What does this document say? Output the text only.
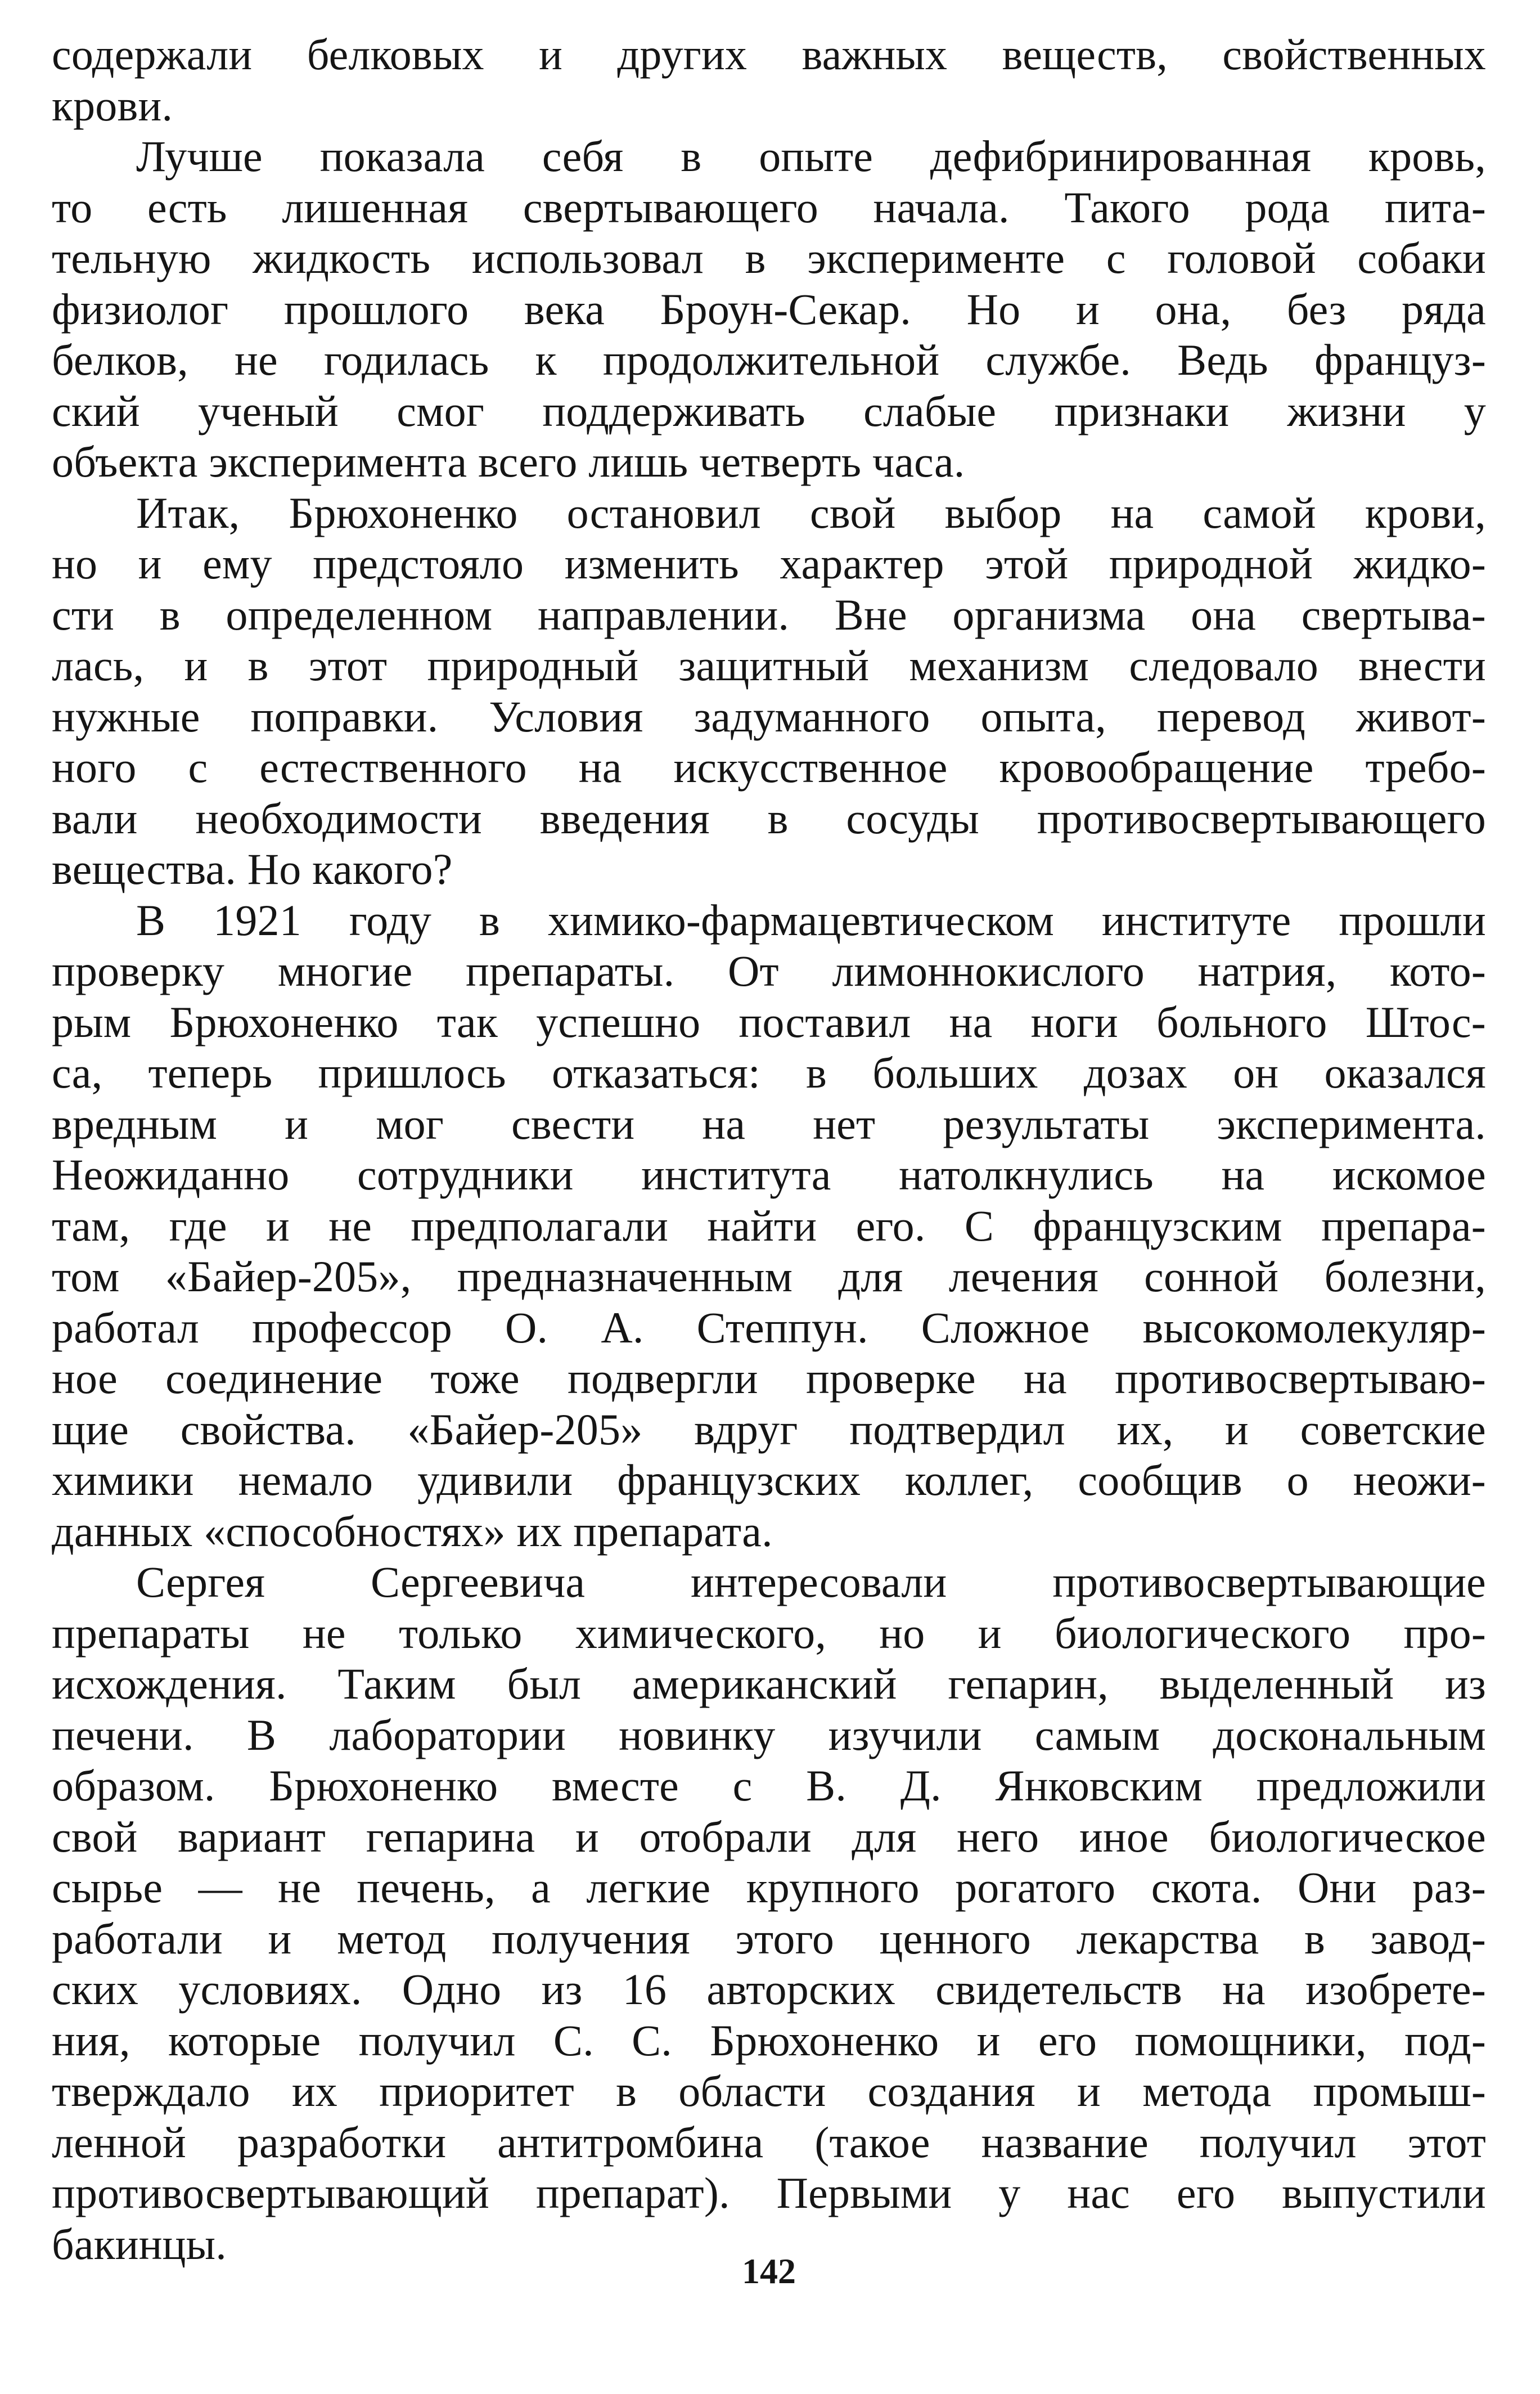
содержали белковых и других важных веществ, свойственных
крови.
Лучше показала себя в опыте дефибринированная кровь,
то есть лишенная свертывающего начала. Такого рода пита-
тельную жидкость использовал в эксперименте с головой собаки
физиолог прошлого века Броун-Секар. Но и она, без ряда
белков, не годилась к продолжительной службе. Ведь француз-
ский ученый смог поддерживать слабые признаки жизни у
объекта эксперимента всего лишь четверть часа.
Итак, Брюхоненко остановил свой выбор на самой крови,
но и ему предстояло изменить характер этой природной жидко-
сти в определенном направлении. Вне организма она свертыва-
лась, и в этот природный защитный механизм следовало внести
нужные поправки. Условия задуманного опыта, перевод живот-
ного с естественного на искусственное кровообращение требо-
вали необходимости введения в сосуды противосвертывающего
вещества. Но какого?
В 1921 году в химико-фармацевтическом институте прошли
проверку многие препараты. От лимоннокислого натрия, кото-
рым Брюхоненко так успешно поставил на ноги больного Штос-
са, теперь пришлось отказаться: в больших дозах он оказался
вредным и мог свести на нет результаты эксперимента.
Неожиданно сотрудники института натолкнулись на искомое
там, где и не предполагали найти его. С французским препара-
том «Байер-205», предназначенным для лечения сонной болезни,
работал профессор О. А. Степпун. Сложное высокомолекуляр-
ное соединение тоже подвергли проверке на противосвертываю-
щие свойства. «Байер-205» вдруг подтвердил их, и советские
химики немало удивили французских коллег, сообщив о неожи-
данных «способностях» их препарата.
Сергея Сергеевича интересовали противосвертывающие
препараты не только химического, но и биологического про-
исхождения. Таким был американский гепарин, выделенный из
печени. В лаборатории новинку изучили самым доскональным
образом. Брюхоненко вместе с В. Д. Янковским предложили
свой вариант гепарина и отобрали для него иное биологическое
сырье — не печень, а легкие крупного рогатого скота. Они раз-
работали и метод получения этого ценного лекарства в завод-
ских условиях. Одно из 16 авторских свидетельств на изобрете-
ния, которые получил С. С. Брюхоненко и его помощники, под-
тверждало их приоритет в области создания и метода промыш-
ленной разработки антитромбина (такое название получил этот
противосвертывающий препарат). Первыми у нас его выпустили
бакинцы.
142
